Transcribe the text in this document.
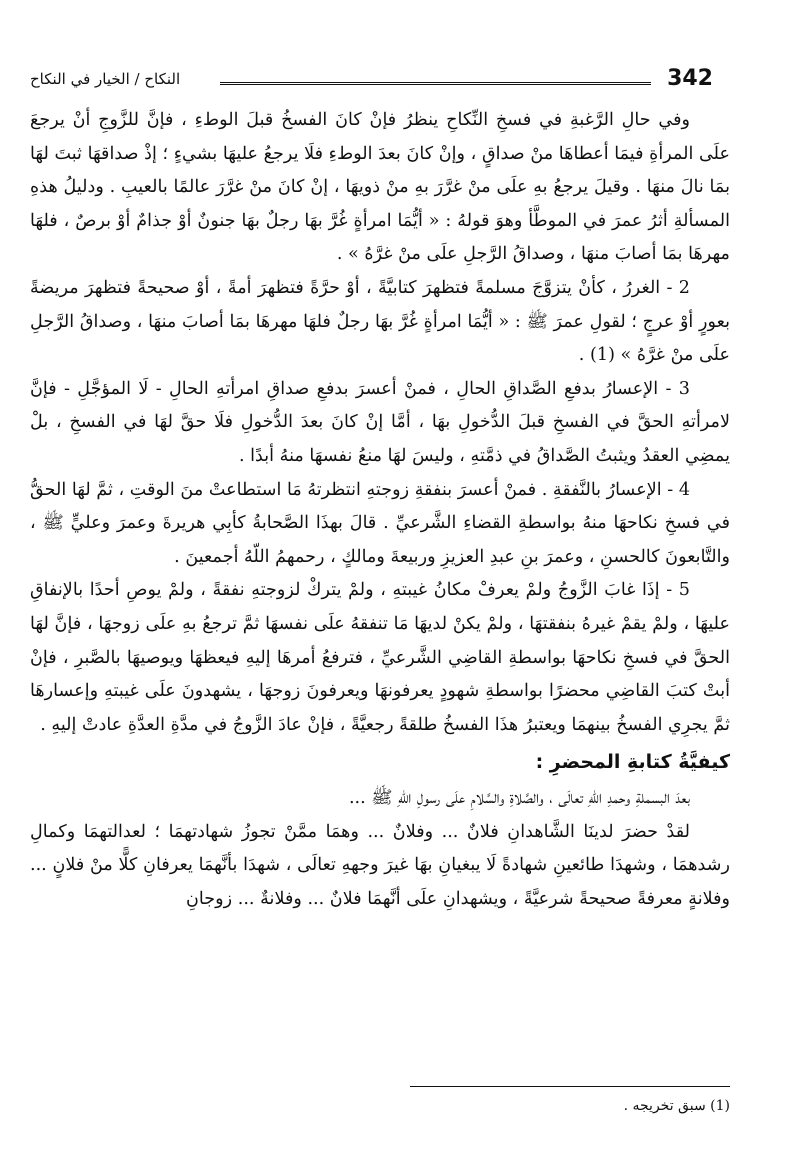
342
النكاح / الخيار في النكاح

وفي حالِ الرَّغبةِ في فسخِ النِّكاحِ ينظرُ فإنْ كانَ الفسخُ قبلَ الوطءِ ، فإنَّ للزَّوجِ أنْ يرجعَ علَى المرأةِ فيمَا أعطاهَا منْ صداقٍ ، وإنْ كانَ بعدَ الوطءِ فلَا يرجعُ عليهَا بشيءٍ ؛ إذْ صداقهَا ثبتَ لهَا بمَا نالَ منهَا . وقيلَ يرجعُ بهِ علَى منْ غرَّرَ بهِ منْ ذويهَا ، إنْ كانَ منْ غرَّرَ عالمًا بالعيبِ . ودليلُ هذهِ المسألةِ أثرُ عمرَ في الموطَّأ وهوَ قولهُ : « أيُّمَا امرأةٍ غُرَّ بهَا رجلٌ بهَا جنونٌ أوْ جذامٌ أوْ برصٌ ، فلهَا مهرهَا بمَا أصابَ منهَا ، وصداقُ الرَّجلِ علَى منْ غرَّهُ » .

2 - الغررُ ، كأنْ يتزوَّجَ مسلمةً فتظهرَ كتابيَّةً ، أوْ حرَّةً فتظهرَ أمةً ، أوْ صحيحةً فتظهرَ مريضةً بعورٍ أوْ عرجٍ ؛ لقولِ عمرَ ﷺ : « أيُّمَا امرأةٍ غُرَّ بهَا رجلٌ فلهَا مهرهَا بمَا أصابَ منهَا ، وصداقُ الرَّجلِ علَى منْ غرَّهُ » (1) .

3 - الإعسارُ بدفعِ الصَّداقِ الحالِ ، فمنْ أعسرَ بدفعِ صداقِ امرأتهِ الحالِ - لَا المؤجَّلِ - فإنَّ لامرأتهِ الحقَّ في الفسخِ قبلَ الدُّخولِ بهَا ، أمَّا إنْ كانَ بعدَ الدُّخولِ فلَا حقَّ لهَا في الفسخِ ، بلْ يمضِي العقدُ ويثبتُ الصَّداقُ في ذمَّتهِ ، وليسَ لهَا منعُ نفسهَا منهُ أبدًا .

4 - الإعسارُ بالنَّفقةِ . فمنْ أعسرَ بنفقةِ زوجتهِ انتظرتهُ مَا استطاعتْ منَ الوقتِ ، ثمَّ لهَا الحقُّ في فسخِ نكاحهَا منهُ بواسطةِ القضاءِ الشَّرعيِّ . قالَ بهذَا الصَّحابةُ كأبِي هريرةَ وعمرَ وعليٍّ ﷺ ، والتَّابعونَ كالحسنِ ، وعمرَ بنِ عبدِ العزيزِ وربيعةَ ومالكٍ ، رحمهمُ اللّهُ أجمعينَ .

5 - إذَا غابَ الزَّوجُ ولمْ يعرفْ مكانُ غيبتهِ ، ولمْ يتركْ لزوجتهِ نفقةً ، ولمْ يوصِ أحدًا بالإنفاقِ عليهَا ، ولمْ يقمْ غيرهُ بنفقتهَا ، ولمْ يكنْ لديهَا مَا تنفقهُ علَى نفسهَا ثمَّ ترجعُ بهِ علَى زوجهَا ، فإنَّ لهَا الحقَّ في فسخِ نكاحهَا بواسطةِ القاضِي الشَّرعيِّ ، فترفعُ أمرهَا إليهِ فيعظهَا ويوصيهَا بالصَّبرِ ، فإنْ أبتْ كتبَ القاضِي محضرًا بواسطةِ شهودٍ يعرفونهَا ويعرفونَ زوجهَا ، يشهدونَ علَى غيبتهِ وإعسارهَا ثمَّ يجرِي الفسخُ بينهمَا ويعتبرُ هذَا الفسخُ طلقةً رجعيَّةً ، فإنْ عادَ الزَّوجُ في مدَّةِ العدَّةِ عادتْ إليهِ .

كيفيَّةُ كتابةِ المحضرِ :

بعدَ البسملةِ وحمدِ اللّهِ تعالَى ، والصَّلاةِ والسَّلامِ علَى رسولِ اللّهِ ﷺ ...

لقدْ حضرَ لدينَا الشَّاهدانِ فلانٌ ... وفلانٌ ... وهمَا ممَّنْ تجوزُ شهادتهمَا ؛ لعدالتهمَا وكمالِ رشدهمَا ، وشهدَا طائعينِ شهادةً لَا يبغيانِ بهَا غيرَ وجههِ تعالَى ، شهدَا بأنَّهمَا يعرفانِ كلًّا منْ فلانٍ ... وفلانةٍ معرفةً صحيحةً شرعيَّةً ، ويشهدانِ علَى أنَّهمَا فلانٌ ... وفلانةٌ ... زوجانِ

(1) سبق تخريجه .
